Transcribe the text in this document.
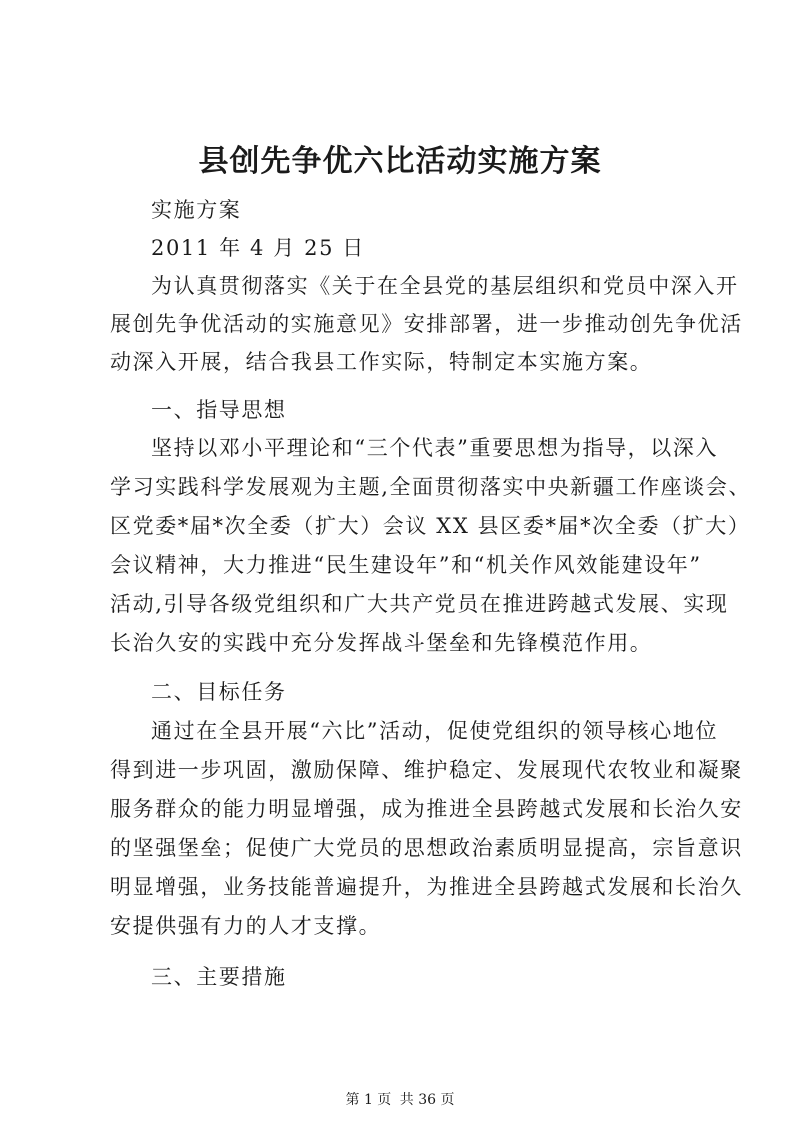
县创先争优六比活动实施方案
实施方案
2011 年 4 月 25 日
为认真贯彻落实《关于在全县党的基层组织和党员中深入开
展创先争优活动的实施意见》安排部署，进一步推动创先争优活
动深入开展，结合我县工作实际，特制定本实施方案。
一、指导思想
坚持以邓小平理论和“三个代表”重要思想为指导，以深入
学习实践科学发展观为主题,全面贯彻落实中央新疆工作座谈会、
区党委*届*次全委（扩大）会议 XX 县区委*届*次全委（扩大）
会议精神，大力推进“民生建设年”和“机关作风效能建设年”
活动,引导各级党组织和广大共产党员在推进跨越式发展、实现
长治久安的实践中充分发挥战斗堡垒和先锋模范作用。
二、目标任务
通过在全县开展“六比”活动，促使党组织的领导核心地位
得到进一步巩固，激励保障、维护稳定、发展现代农牧业和凝聚
服务群众的能力明显增强，成为推进全县跨越式发展和长治久安
的坚强堡垒；促使广大党员的思想政治素质明显提高，宗旨意识
明显增强，业务技能普遍提升，为推进全县跨越式发展和长治久
安提供强有力的人才支撑。
三、主要措施
第 1 页 共 36 页
